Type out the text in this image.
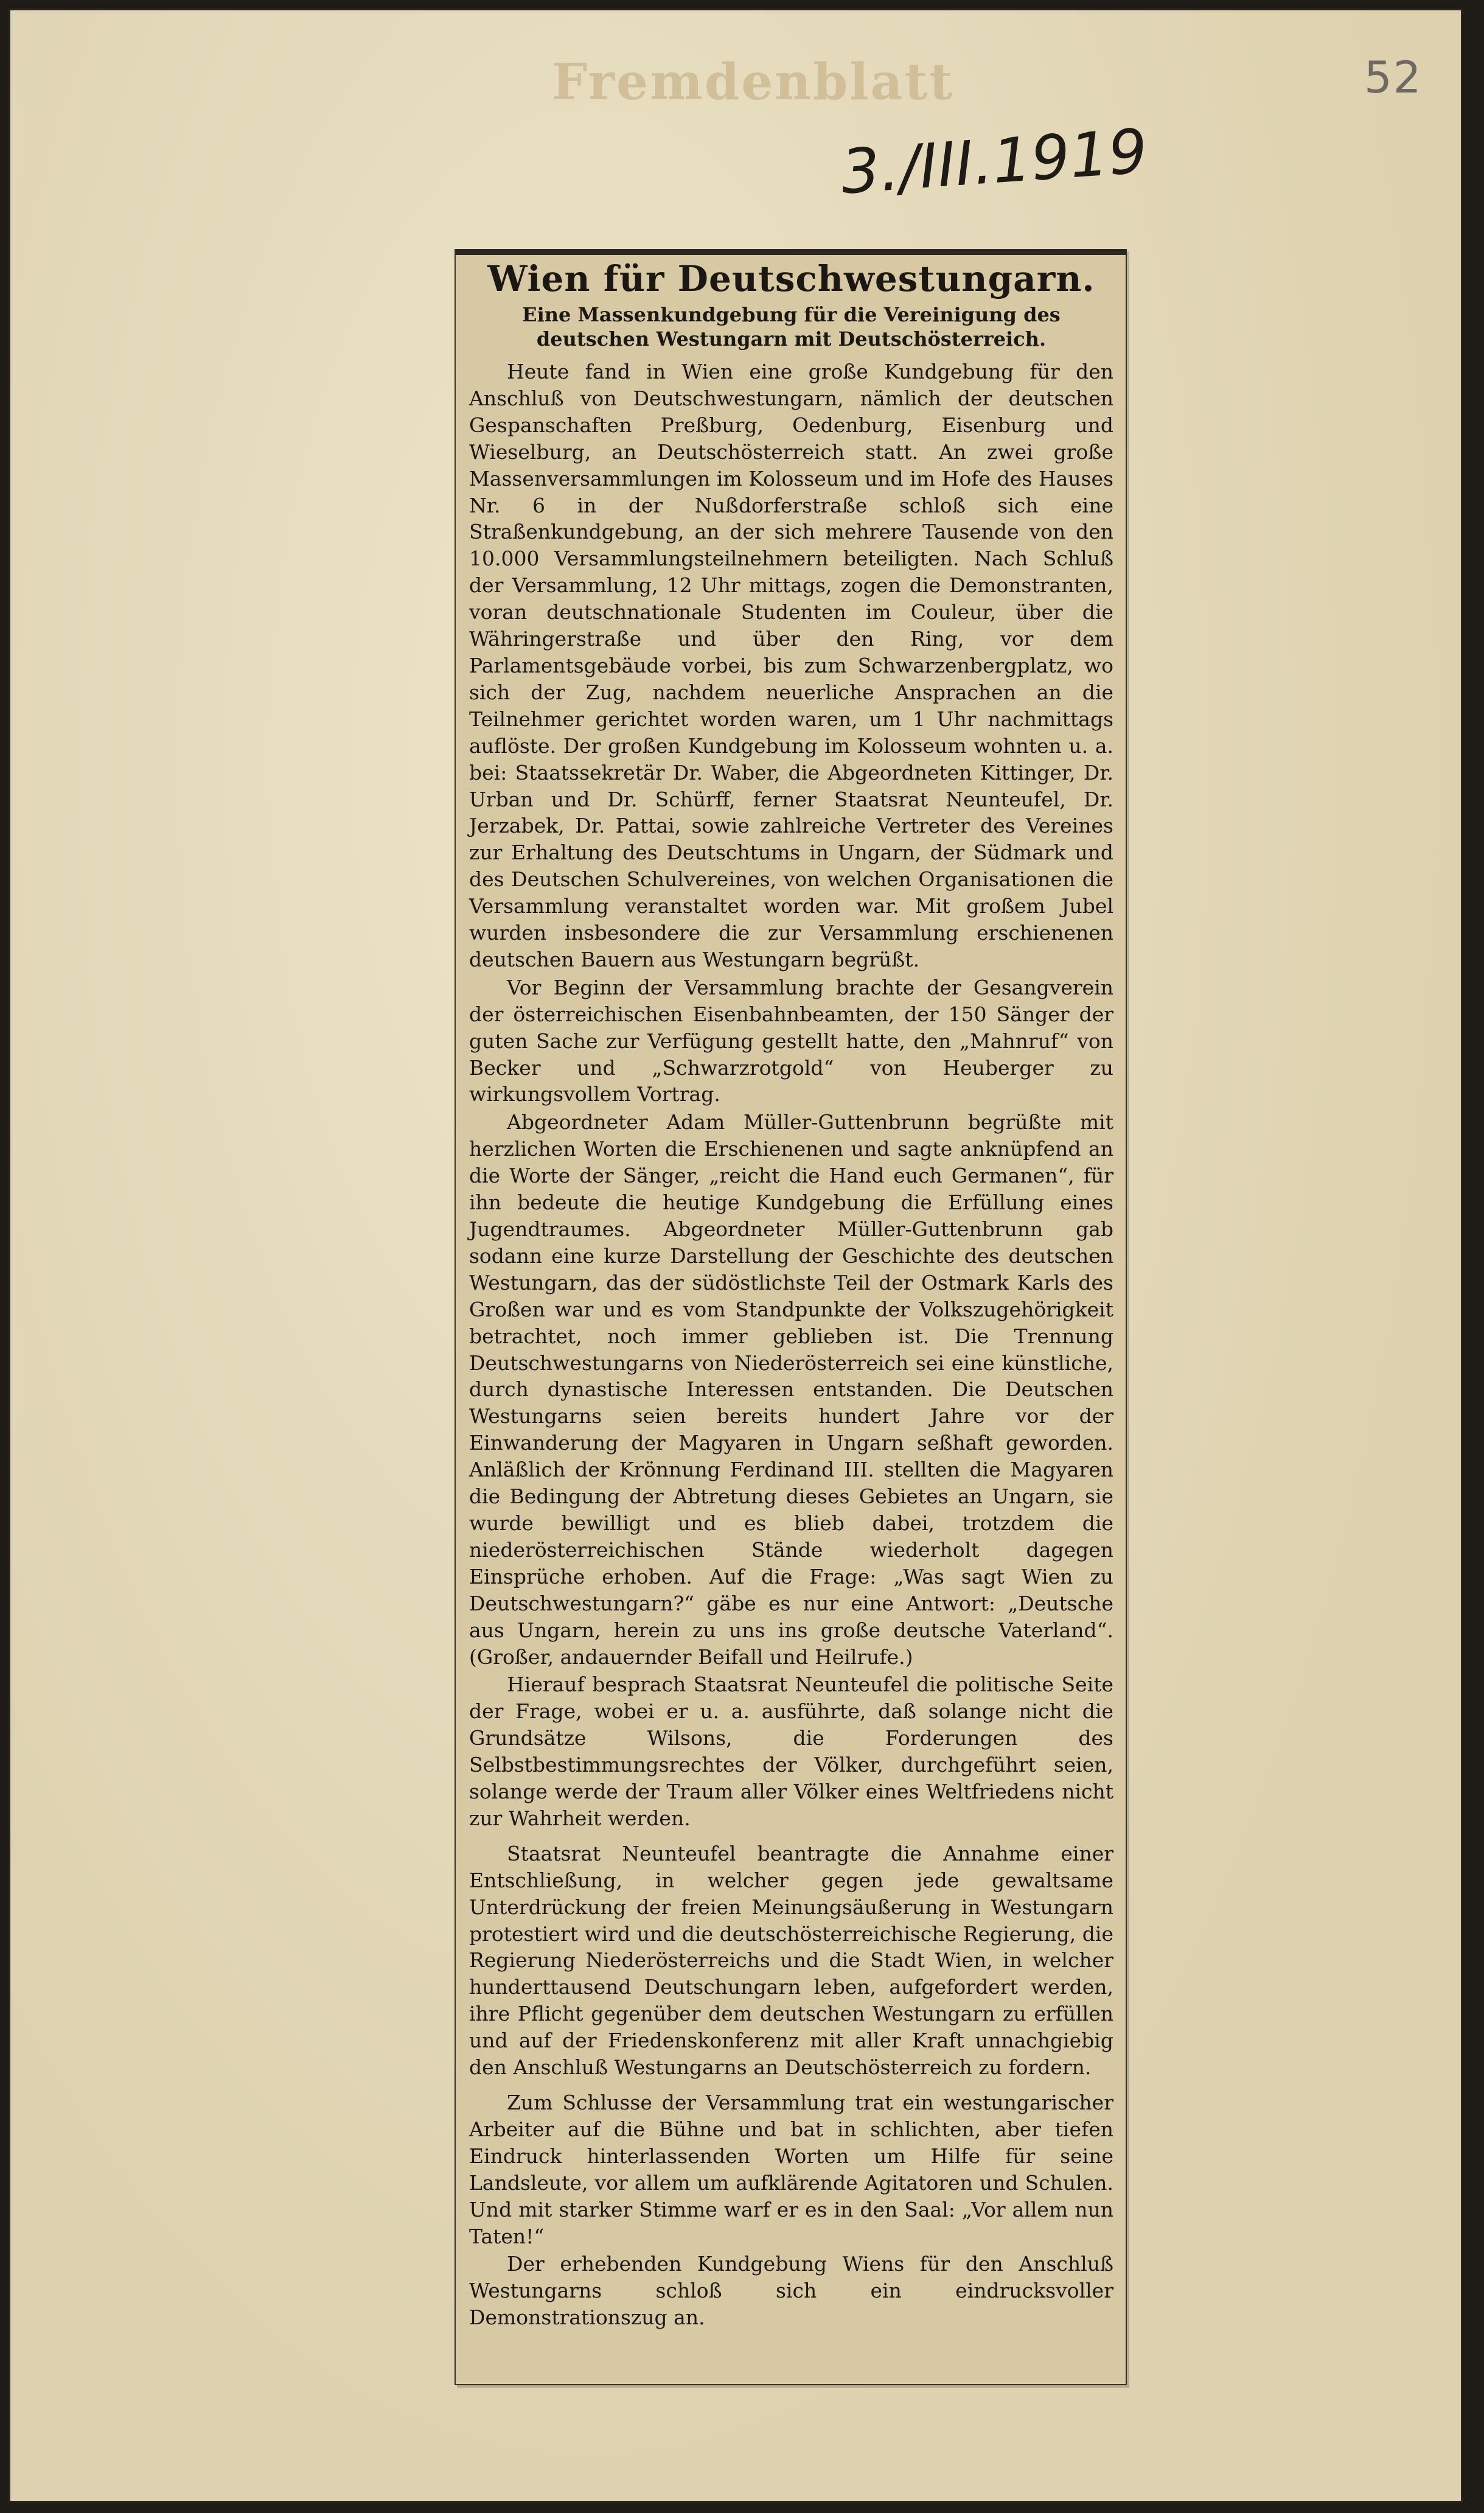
Fremdenblatt	52
3./III.1919
Wien für Deutschwestungarn.
Eine Massenkundgebung für die Vereinigung des deutschen Westungarn mit Deutschösterreich.

Heute fand in Wien eine große Kundgebung für den Anschluß von Deutschwestungarn, nämlich der deutschen Gespanschaften Preßburg, Oedenburg, Eisenburg und Wieselburg, an Deutschösterreich statt. An zwei große Massenversammlungen im Kolosseum und im Hofe des Hauses Nr. 6 in der Nußdorferstraße schloß sich eine Straßenkundgebung, an der sich mehrere Tausende von den 10.000 Versammlungsteilnehmern beteiligten. Nach Schluß der Versammlung, 12 Uhr mittags, zogen die Demonstranten, voran deutschnationale Studenten im Couleur, über die Währingerstraße und über den Ring, vor dem Parlamentsgebäude vorbei, bis zum Schwarzenbergplatz, wo sich der Zug, nachdem neuerliche Ansprachen an die Teilnehmer gerichtet worden waren, um 1 Uhr nachmittags auflöste. Der großen Kundgebung im Kolosseum wohnten u. a. bei: Staatssekretär Dr. Waber, die Abgeordneten Kittinger, Dr. Urban und Dr. Schürff, ferner Staatsrat Neunteufel, Dr. Jerzabek, Dr. Pattai, sowie zahlreiche Vertreter des Vereines zur Erhaltung des Deutschtums in Ungarn, der Südmark und des Deutschen Schulvereines, von welchen Organisationen die Versammlung veranstaltet worden war. Mit großem Jubel wurden insbesondere die zur Versammlung erschienenen deutschen Bauern aus Westungarn begrüßt.

Vor Beginn der Versammlung brachte der Gesangverein der österreichischen Eisenbahnbeamten, der 150 Sänger der guten Sache zur Verfügung gestellt hatte, den „Mahnruf“ von Becker und „Schwarzrotgold“ von Heuberger zu wirkungsvollem Vortrag.

Abgeordneter Adam Müller-Guttenbrunn begrüßte mit herzlichen Worten die Erschienenen und sagte anknüpfend an die Worte der Sänger, „reicht die Hand euch Germanen“, für ihn bedeute die heutige Kundgebung die Erfüllung eines Jugendtraumes. Abgeordneter Müller-Guttenbrunn gab sodann eine kurze Darstellung der Geschichte des deutschen Westungarn, das der südöstlichste Teil der Ostmark Karls des Großen war und es vom Standpunkte der Volkszugehörigkeit betrachtet, noch immer geblieben ist. Die Trennung Deutschwestungarns von Niederösterreich sei eine künstliche, durch dynastische Interessen entstanden. Die Deutschen Westungarns seien bereits hundert Jahre vor der Einwanderung der Magyaren in Ungarn seßhaft geworden. Anläßlich der Krönnung Ferdinand III. stellten die Magyaren die Bedingung der Abtretung dieses Gebietes an Ungarn, sie wurde bewilligt und es blieb dabei, trotzdem die niederösterreichischen Stände wiederholt dagegen Einsprüche erhoben. Auf die Frage: „Was sagt Wien zu Deutschwestungarn?“ gäbe es nur eine Antwort: „Deutsche aus Ungarn, herein zu uns ins große deutsche Vaterland“. (Großer, andauernder Beifall und Heilrufe.)

Hierauf besprach Staatsrat Neunteufel die politische Seite der Frage, wobei er u. a. ausführte, daß solange nicht die Grundsätze Wilsons, die Forderungen des Selbstbestimmungsrechtes der Völker, durchgeführt seien, solange werde der Traum aller Völker eines Weltfriedens nicht zur Wahrheit werden.

Staatsrat Neunteufel beantragte die Annahme einer Entschließung, in welcher gegen jede gewaltsame Unterdrückung der freien Meinungsäußerung in Westungarn protestiert wird und die deutschösterreichische Regierung, die Regierung Niederösterreichs und die Stadt Wien, in welcher hunderttausend Deutschungarn leben, aufgefordert werden, ihre Pflicht gegenüber dem deutschen Westungarn zu erfüllen und auf der Friedenskonferenz mit aller Kraft unnachgiebig den Anschluß Westungarns an Deutschösterreich zu fordern.

Zum Schlusse der Versammlung trat ein westungarischer Arbeiter auf die Bühne und bat in schlichten, aber tiefen Eindruck hinterlassenden Worten um Hilfe für seine Landsleute, vor allem um aufklärende Agitatoren und Schulen. Und mit starker Stimme warf er es in den Saal: „Vor allem nun Taten!“

Der erhebenden Kundgebung Wiens für den Anschluß Westungarns schloß sich ein eindrucksvoller Demonstrationszug an.
